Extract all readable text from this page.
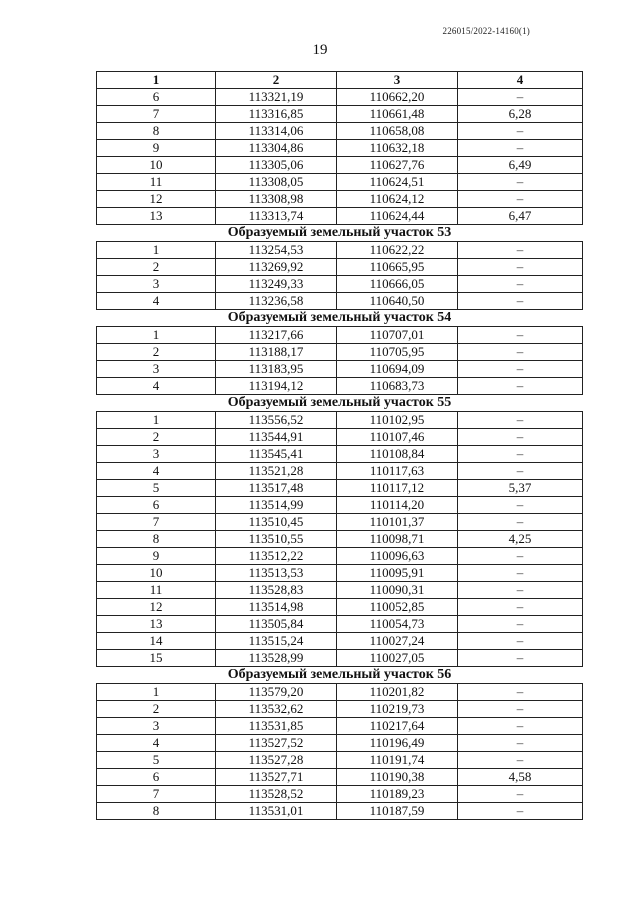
226015/2022-14160(1)
19
1	2	3	4
6	113321,19	110662,20	–
7	113316,85	110661,48	6,28
8	113314,06	110658,08	–
9	113304,86	110632,18	–
10	113305,06	110627,76	6,49
11	113308,05	110624,51	–
12	113308,98	110624,12	–
13	113313,74	110624,44	6,47
Образуемый земельный участок 53			
1	113254,53	110622,22	–
2	113269,92	110665,95	–
3	113249,33	110666,05	–
4	113236,58	110640,50	–
Образуемый земельный участок 54			
1	113217,66	110707,01	–
2	113188,17	110705,95	–
3	113183,95	110694,09	–
4	113194,12	110683,73	–
Образуемый земельный участок 55			
1	113556,52	110102,95	–
2	113544,91	110107,46	–
3	113545,41	110108,84	–
4	113521,28	110117,63	–
5	113517,48	110117,12	5,37
6	113514,99	110114,20	–
7	113510,45	110101,37	–
8	113510,55	110098,71	4,25
9	113512,22	110096,63	–
10	113513,53	110095,91	–
11	113528,83	110090,31	–
12	113514,98	110052,85	–
13	113505,84	110054,73	–
14	113515,24	110027,24	–
15	113528,99	110027,05	–
Образуемый земельный участок 56			
1	113579,20	110201,82	–
2	113532,62	110219,73	–
3	113531,85	110217,64	–
4	113527,52	110196,49	–
5	113527,28	110191,74	–
6	113527,71	110190,38	4,58
7	113528,52	110189,23	–
8	113531,01	110187,59	–
